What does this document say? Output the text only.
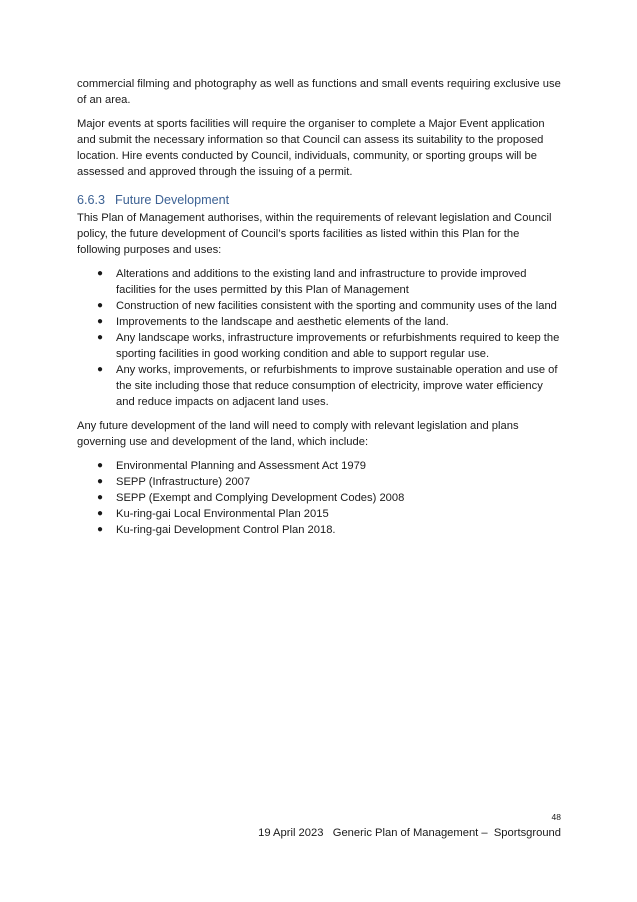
commercial filming and photography as well as functions and small events requiring exclusive use of an area.

Major events at sports facilities will require the organiser to complete a Major Event application and submit the necessary information so that Council can assess its suitability to the proposed location. Hire events conducted by Council, individuals, community, or sporting groups will be assessed and approved through the issuing of a permit.

6.6.3 Future Development

This Plan of Management authorises, within the requirements of relevant legislation and Council policy, the future development of Council’s sports facilities as listed within this Plan for the following purposes and uses:

● Alterations and additions to the existing land and infrastructure to provide improved facilities for the uses permitted by this Plan of Management
● Construction of new facilities consistent with the sporting and community uses of the land
● Improvements to the landscape and aesthetic elements of the land.
● Any landscape works, infrastructure improvements or refurbishments required to keep the sporting facilities in good working condition and able to support regular use.
● Any works, improvements, or refurbishments to improve sustainable operation and use of the site including those that reduce consumption of electricity, improve water efficiency and reduce impacts on adjacent land uses.

Any future development of the land will need to comply with relevant legislation and plans governing use and development of the land, which include:

● Environmental Planning and Assessment Act 1979
● SEPP (Infrastructure) 2007
● SEPP (Exempt and Complying Development Codes) 2008
● Ku-ring-gai Local Environmental Plan 2015
● Ku-ring-gai Development Control Plan 2018.
48
19 April 2023   Generic Plan of Management –  Sportsground
